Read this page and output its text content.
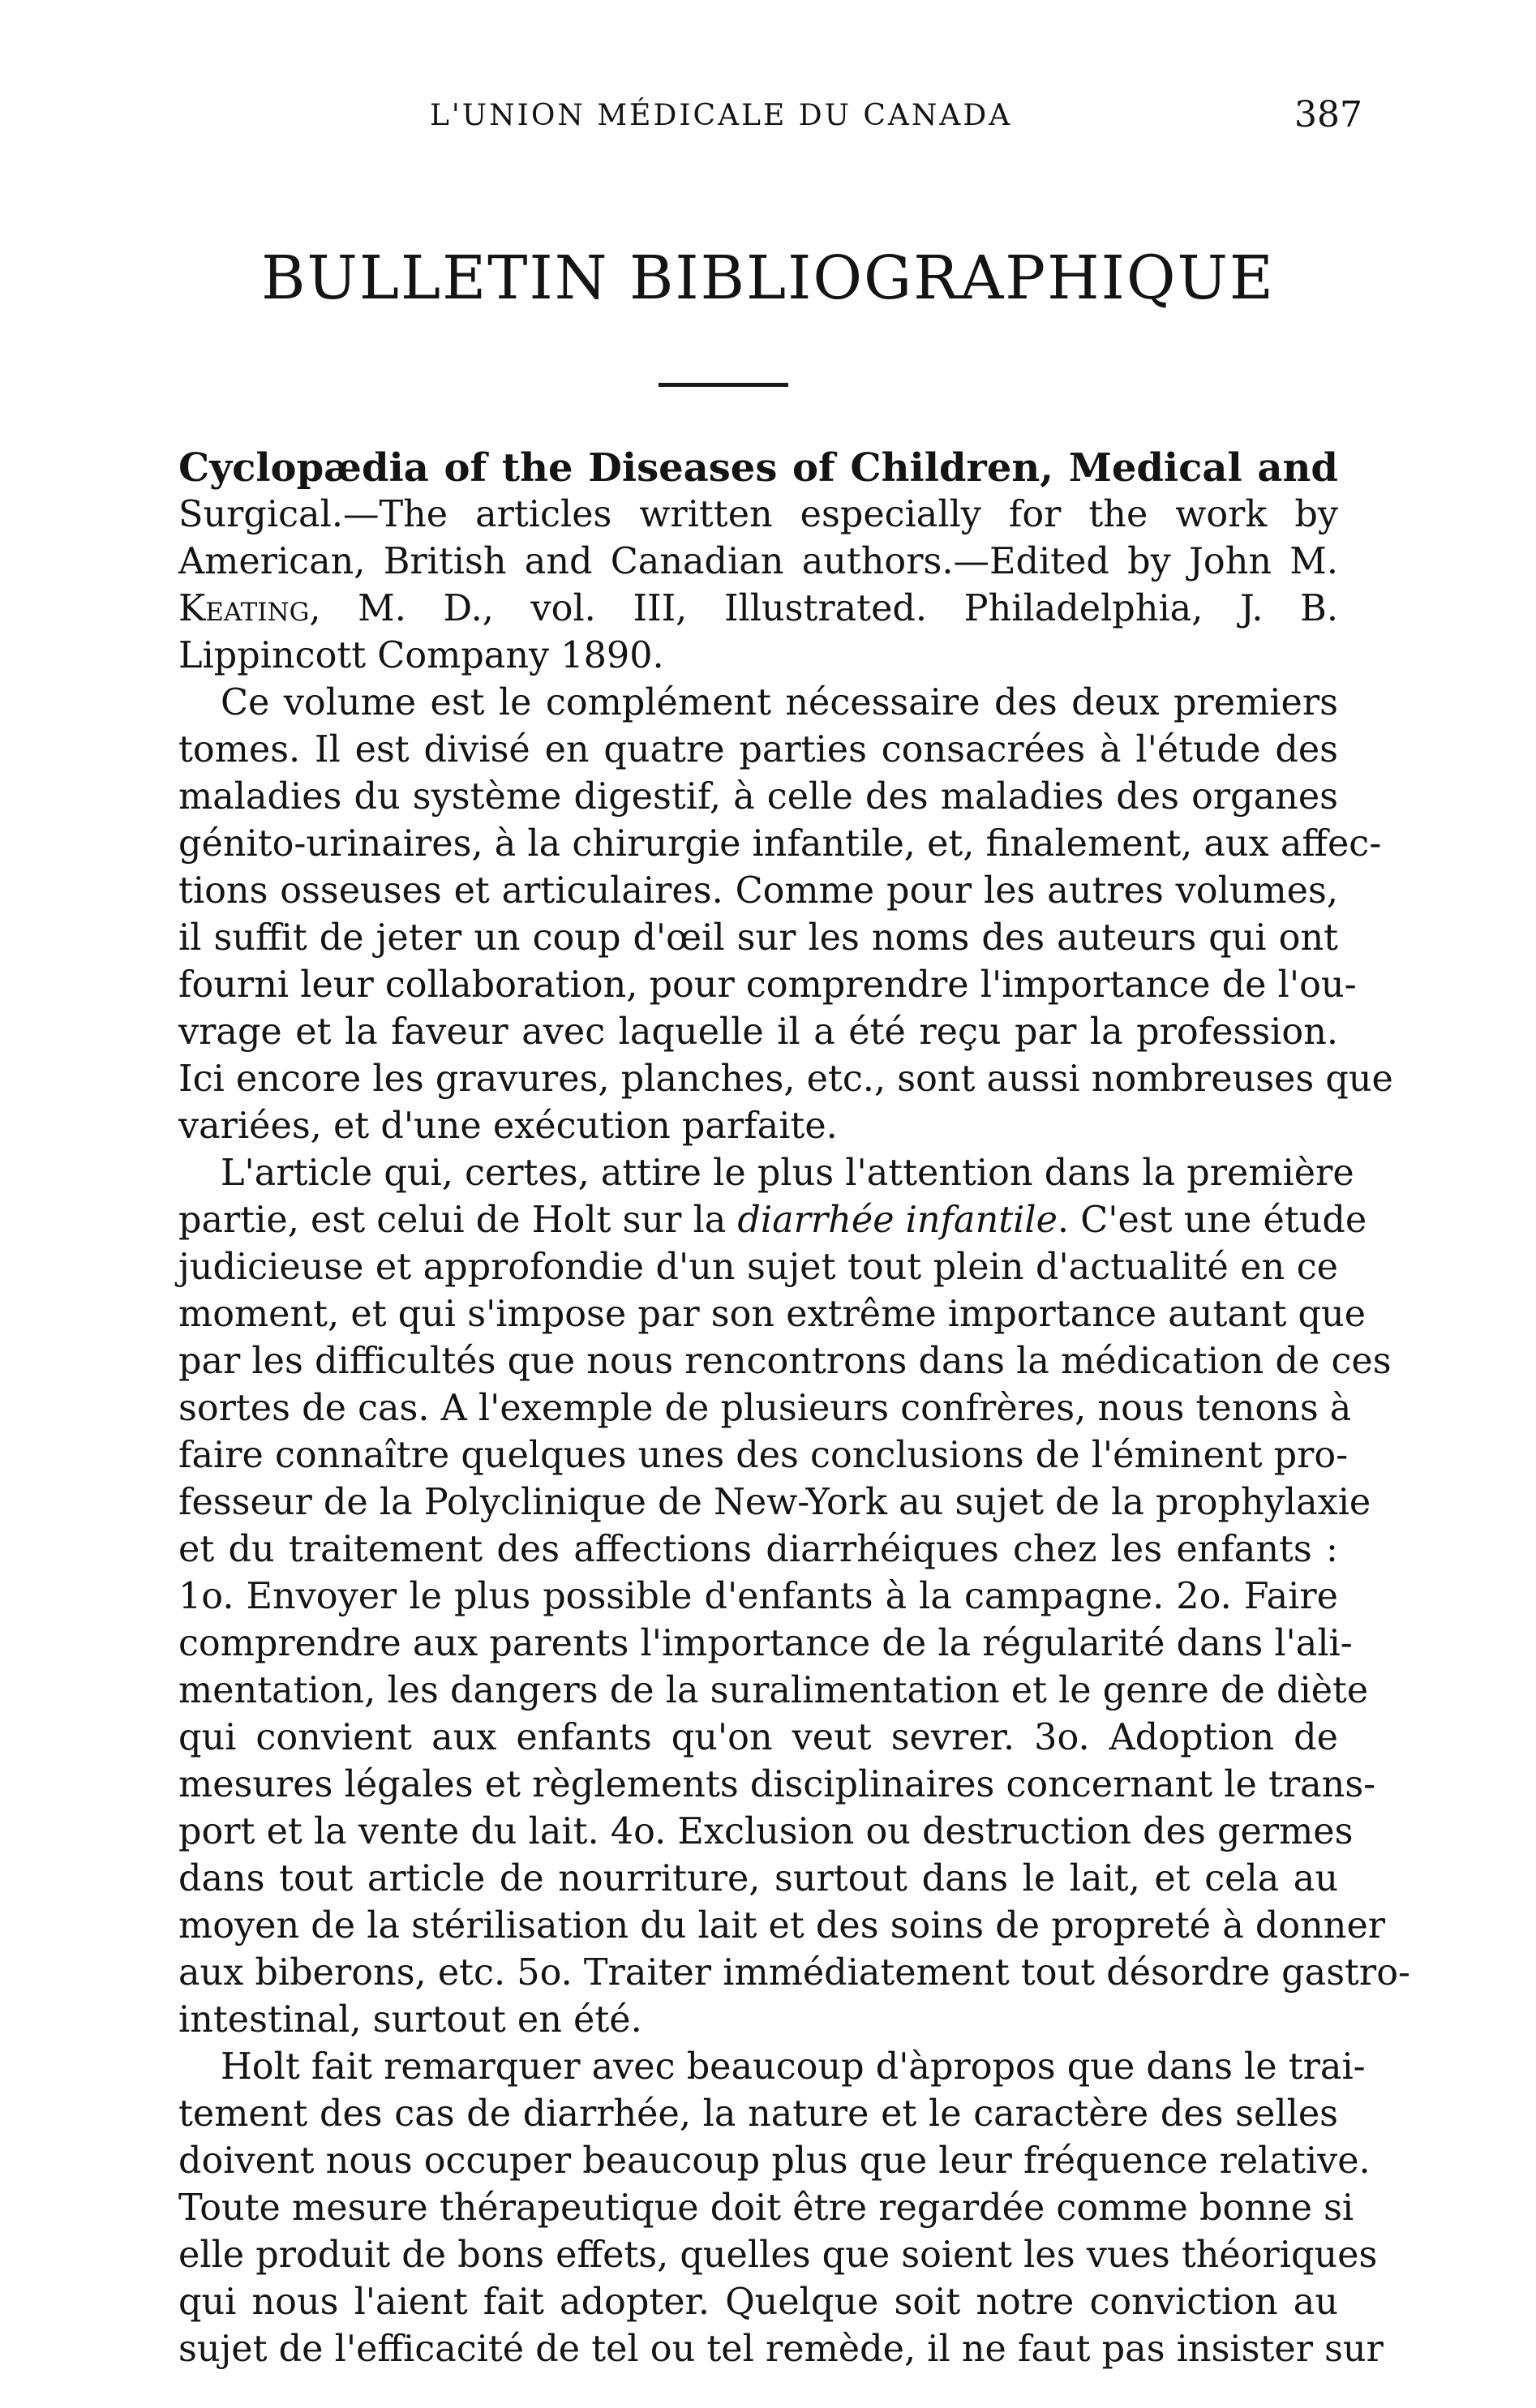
L'UNION MÉDICALE DU CANADA	387
BULLETIN BIBLIOGRAPHIQUE
Cyclopædia of the Diseases of Children, Medical and
Surgical.—The articles written especially for the work by
American, British and Canadian authors.—Edited by John M.
Keating, M. D., vol. III, Illustrated. Philadelphia, J. B.
Lippincott Company 1890.
Ce volume est le complément nécessaire des deux premiers
tomes. Il est divisé en quatre parties consacrées à l'étude des
maladies du système digestif, à celle des maladies des organes
génito-urinaires, à la chirurgie infantile, et, finalement, aux affec-
tions osseuses et articulaires. Comme pour les autres volumes,
il suffit de jeter un coup d'œil sur les noms des auteurs qui ont
fourni leur collaboration, pour comprendre l'importance de l'ou-
vrage et la faveur avec laquelle il a été reçu par la profession.
Ici encore les gravures, planches, etc., sont aussi nombreuses que
variées, et d'une exécution parfaite.
L'article qui, certes, attire le plus l'attention dans la première
partie, est celui de Holt sur la diarrhée infantile. C'est une étude
judicieuse et approfondie d'un sujet tout plein d'actualité en ce
moment, et qui s'impose par son extrême importance autant que
par les difficultés que nous rencontrons dans la médication de ces
sortes de cas. A l'exemple de plusieurs confrères, nous tenons à
faire connaître quelques unes des conclusions de l'éminent pro-
fesseur de la Polyclinique de New-York au sujet de la prophylaxie
et du traitement des affections diarrhéiques chez les enfants :
1o. Envoyer le plus possible d'enfants à la campagne. 2o. Faire
comprendre aux parents l'importance de la régularité dans l'ali-
mentation, les dangers de la suralimentation et le genre de diète
qui convient aux enfants qu'on veut sevrer. 3o. Adoption de
mesures légales et règlements disciplinaires concernant le trans-
port et la vente du lait. 4o. Exclusion ou destruction des germes
dans tout article de nourriture, surtout dans le lait, et cela au
moyen de la stérilisation du lait et des soins de propreté à donner
aux biberons, etc. 5o. Traiter immédiatement tout désordre gastro-
intestinal, surtout en été.
Holt fait remarquer avec beaucoup d'àpropos que dans le trai-
tement des cas de diarrhée, la nature et le caractère des selles
doivent nous occuper beaucoup plus que leur fréquence relative.
Toute mesure thérapeutique doit être regardée comme bonne si
elle produit de bons effets, quelles que soient les vues théoriques
qui nous l'aient fait adopter. Quelque soit notre conviction au
sujet de l'efficacité de tel ou tel remède, il ne faut pas insister sur
